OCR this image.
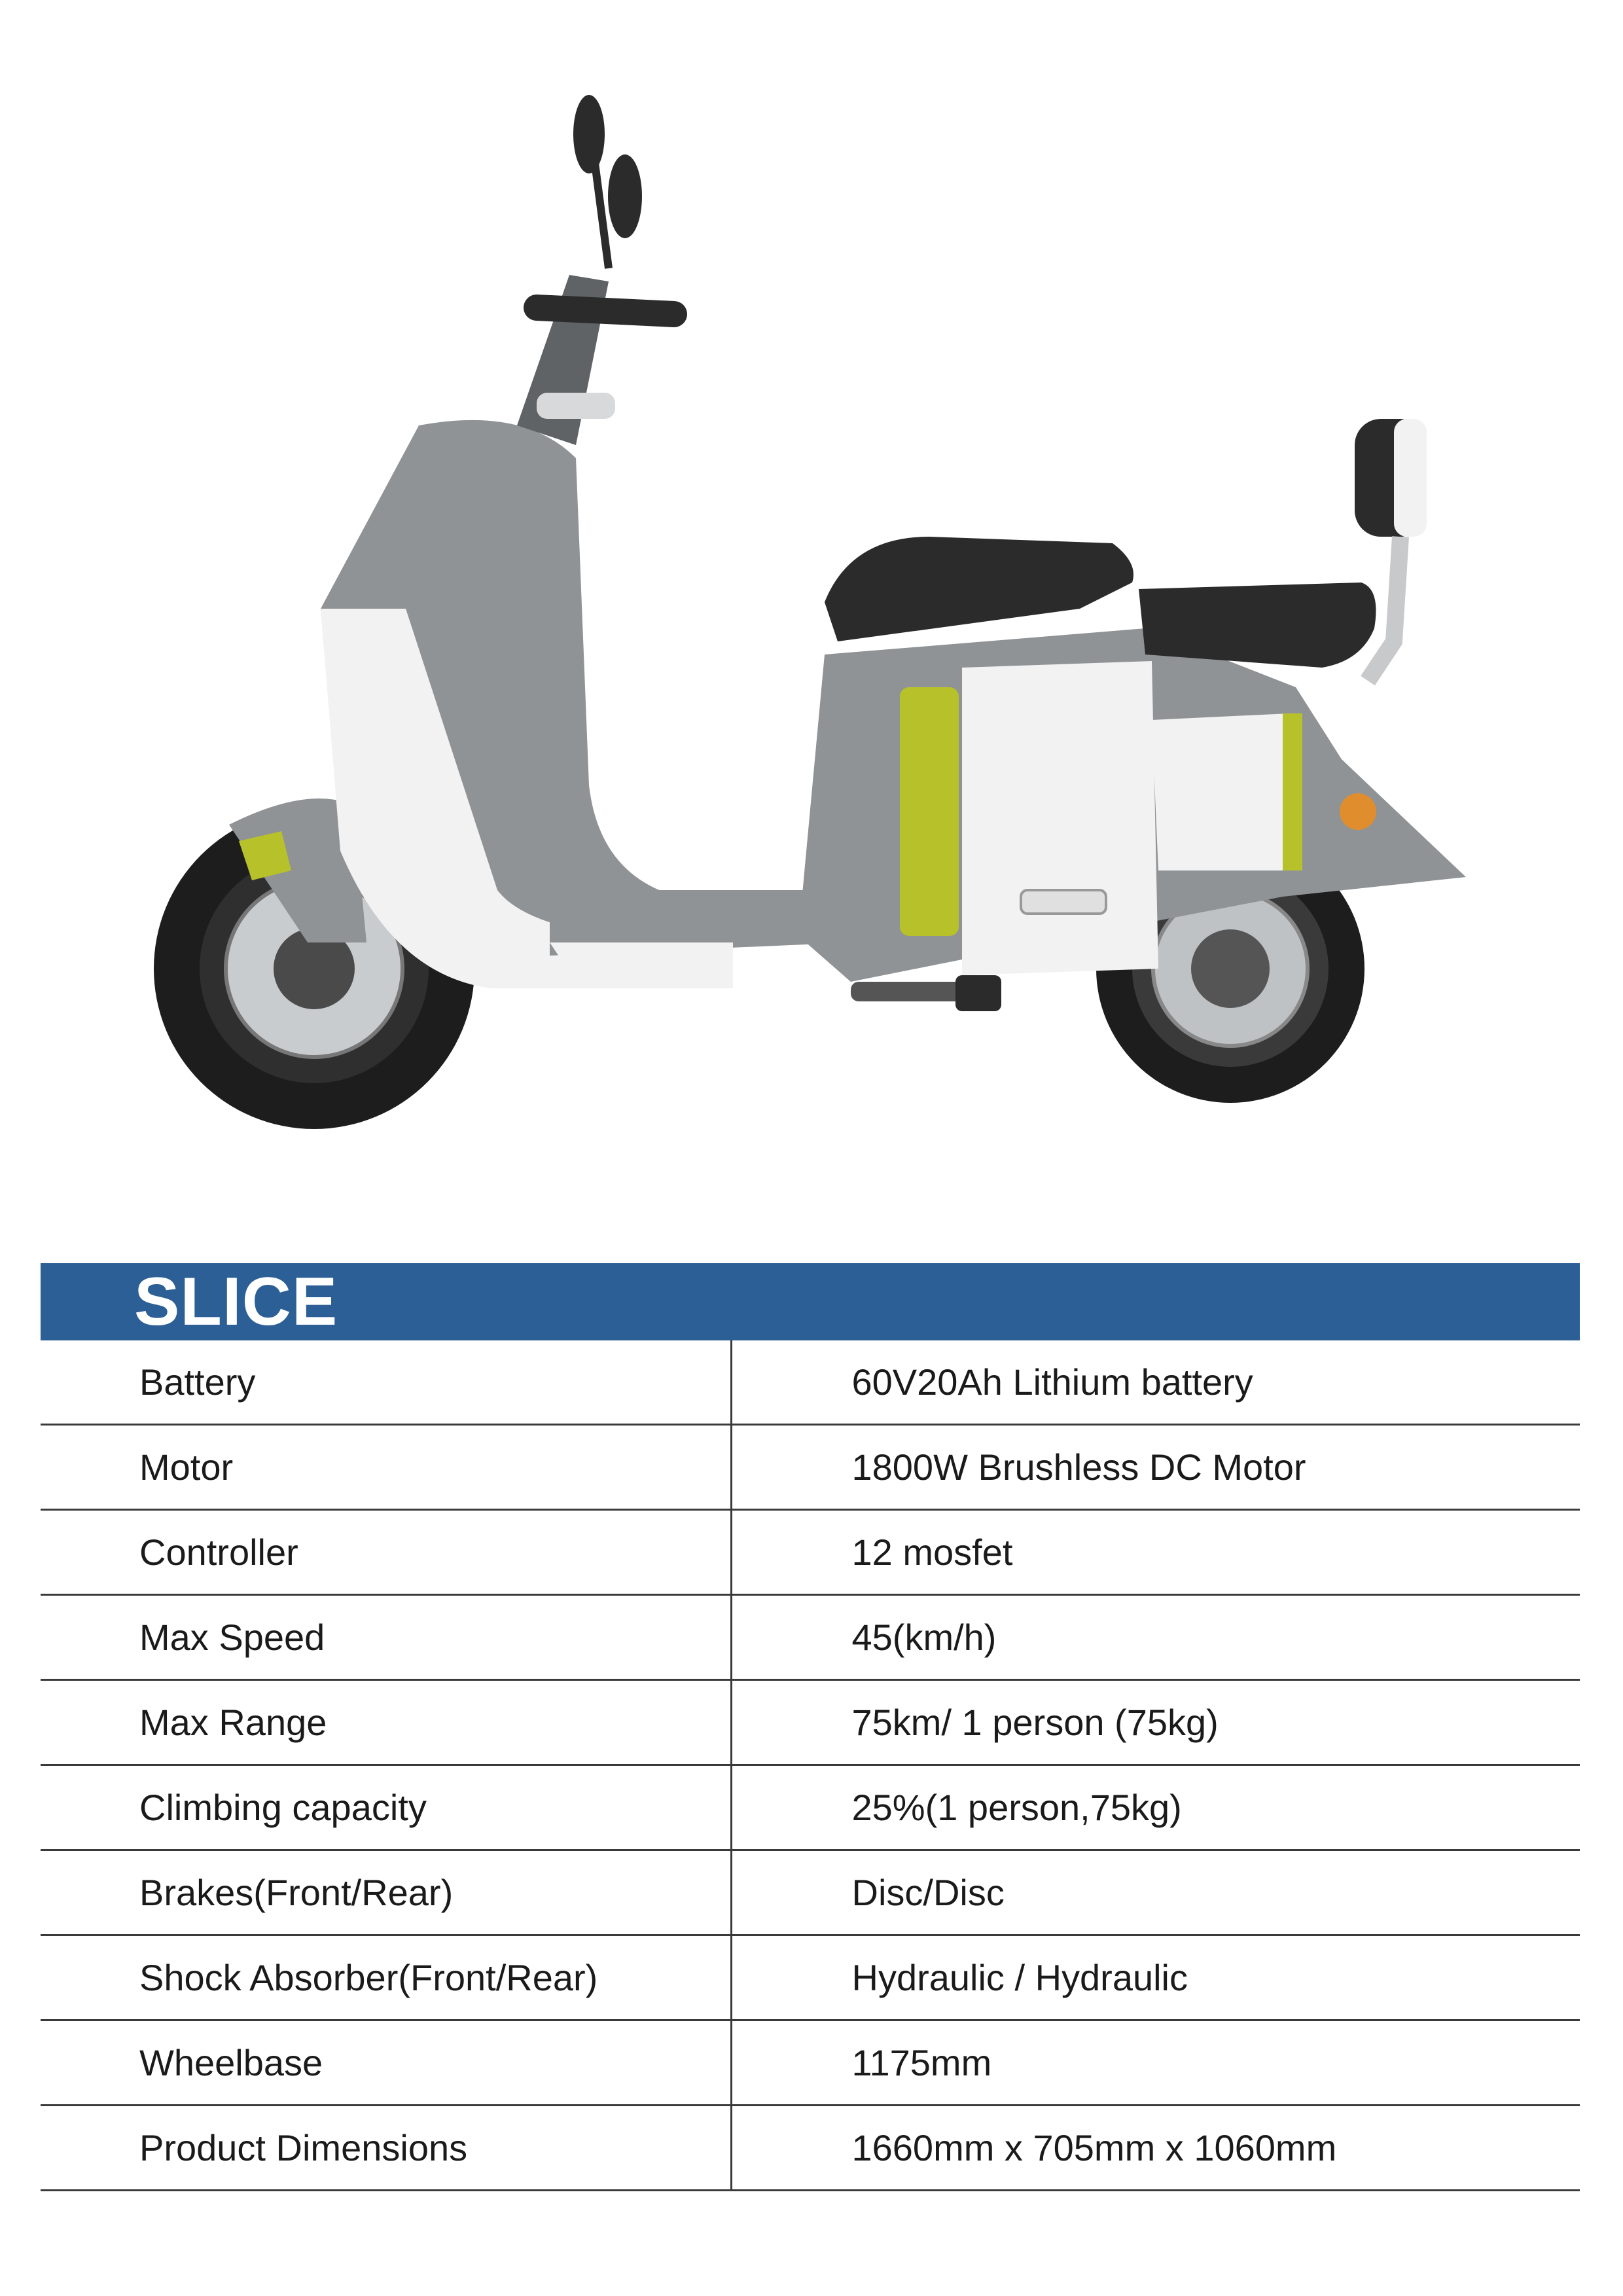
SLICE
Battery	60V20Ah Lithium battery
Motor	1800W Brushless DC Motor
Controller	12 mosfet
Max Speed	45(km/h)
Max Range	75km/ 1 person (75kg)
Climbing capacity	25%(1 person,75kg)
Brakes(Front/Rear)	Disc/Disc
Shock Absorber(Front/Rear)	Hydraulic / Hydraulic
Wheelbase	1175mm
Product Dimensions	1660mm x 705mm x 1060mm
